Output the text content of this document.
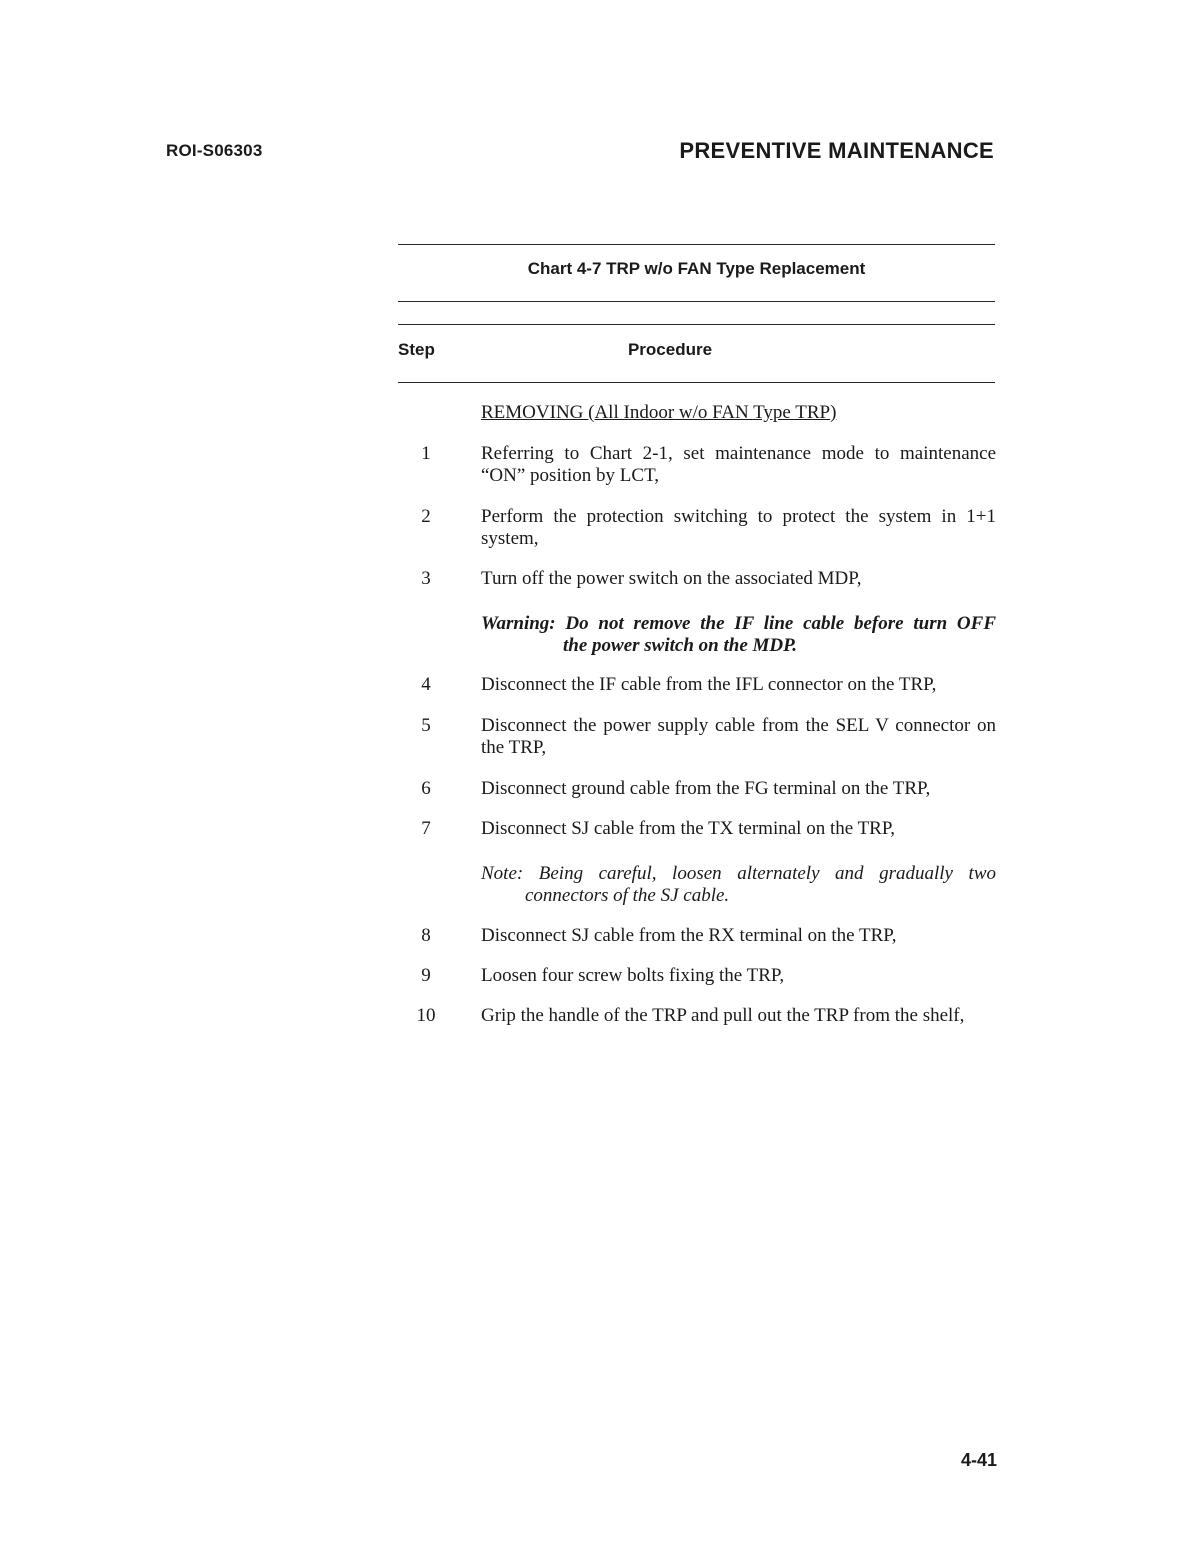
ROI-S06303	PREVENTIVE MAINTENANCE
Chart 4-7 TRP w/o FAN Type Replacement
Step	Procedure
REMOVING (All Indoor w/o FAN Type TRP)
1	Referring to Chart 2-1, set maintenance mode to maintenance “ON” position by LCT,
2	Perform the protection switching to protect the system in 1+1 system,
3	Turn off the power switch on the associated MDP,
Warning: Do not remove the IF line cable before turn OFF
the power switch on the MDP.
4	Disconnect the IF cable from the IFL connector on the TRP,
5	Disconnect the power supply cable from the SEL V connector on the TRP,
6	Disconnect ground cable from the FG terminal on the TRP,
7	Disconnect SJ cable from the TX terminal on the TRP,
Note: Being careful, loosen alternately and gradually two
connectors of the SJ cable.
8	Disconnect SJ cable from the RX terminal on the TRP,
9	Loosen four screw bolts fixing the TRP,
10	Grip the handle of the TRP and pull out the TRP from the shelf,
4-41
